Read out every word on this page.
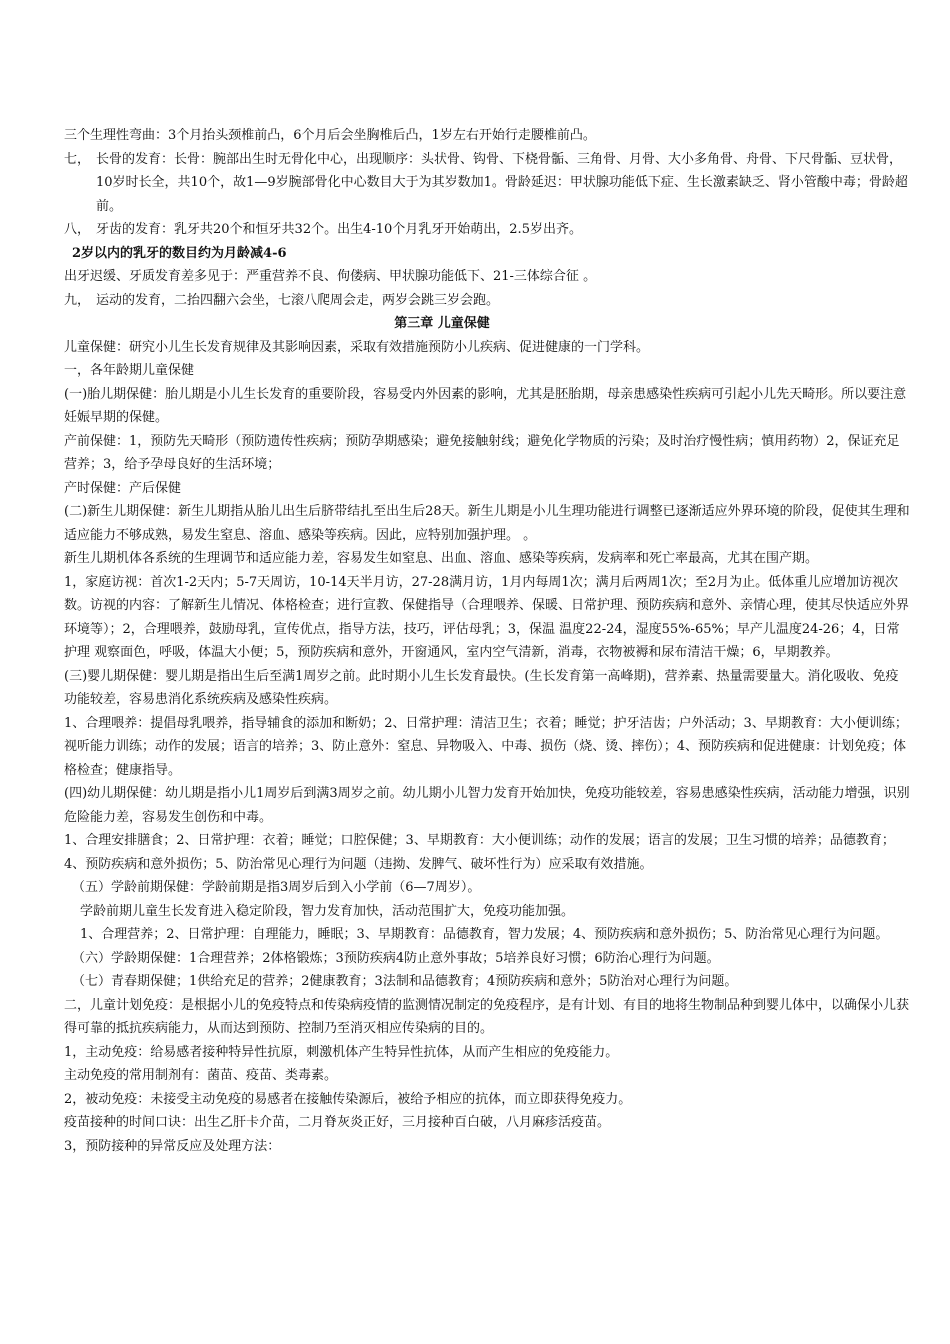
三个生理性弯曲：3个月抬头颈椎前凸，6个月后会坐胸椎后凸，1岁左右开始行走腰椎前凸。

七， 长骨的发育：长骨：腕部出生时无骨化中心，出现顺序：头状骨、钩骨、下桡骨骺、三角骨、月骨、大小多角骨、舟骨、下尺骨骺、豆状骨，10岁时长全，共10个，故1—9岁腕部骨化中心数目大于为其岁数加1。骨龄延迟：甲状腺功能低下症、生长激素缺乏、肾小管酸中毒；骨龄超前。

八， 牙齿的发育：乳牙共20个和恒牙共32个。出生4-10个月乳牙开始萌出，2.5岁出齐。

2岁以内的乳牙的数目约为月龄减4-6

出牙迟缓、牙质发育差多见于：严重营养不良、佝偻病、甲状腺功能低下、21-三体综合征 。

九， 运动的发育，二抬四翻六会坐，七滚八爬周会走，两岁会跳三岁会跑。

第三章 儿童保健

儿童保健：研究小儿生长发育规律及其影响因素，采取有效措施预防小儿疾病、促进健康的一门学科。

一，各年龄期儿童保健

(一)胎儿期保健：胎儿期是小儿生长发育的重要阶段，容易受内外因素的影响，尤其是胚胎期，母亲患感染性疾病可引起小儿先天畸形。所以要注意妊娠早期的保健。

产前保健：1，预防先天畸形（预防遗传性疾病；预防孕期感染；避免接触射线；避免化学物质的污染；及时治疗慢性病；慎用药物）2，保证充足营养；3，给予孕母良好的生活环境；

产时保健：产后保健

(二)新生儿期保健：新生儿期指从胎儿出生后脐带结扎至出生后28天。新生儿期是小儿生理功能进行调整已逐渐适应外界环境的阶段，促使其生理和适应能力不够成熟，易发生窒息、溶血、感染等疾病。因此，应特别加强护理。 。

新生儿期机体各系统的生理调节和适应能力差，容易发生如窒息、出血、溶血、感染等疾病，发病率和死亡率最高，尤其在围产期。

1，家庭访视：首次1-2天内；5-7天周访，10-14天半月访，27-28满月访，1月内每周1次；满月后两周1次；至2月为止。低体重儿应增加访视次数。访视的内容：了解新生儿情况、体格检查；进行宣教、保健指导（合理喂养、保暖、日常护理、预防疾病和意外、亲情心理，使其尽快适应外界环境等）；2，合理喂养，鼓励母乳，宣传优点，指导方法，技巧，评估母乳；3，保温 温度22-24，湿度55%-65%；早产儿温度24-26；4，日常护理 观察面色，呼吸，体温大小便；5，预防疾病和意外，开窗通风，室内空气清新，消毒，衣物被褥和尿布清洁干燥；6，早期教养。

(三)婴儿期保健：婴儿期是指出生后至满1周岁之前。此时期小儿生长发育最快。(生长发育第一高峰期)，营养素、热量需要量大。消化吸收、免疫功能较差，容易患消化系统疾病及感染性疾病。

1、合理喂养：提倡母乳喂养，指导辅食的添加和断奶；2、日常护理：清洁卫生；衣着；睡觉；护牙洁齿；户外活动；3、早期教育：大小便训练；视听能力训练；动作的发展；语言的培养；3、防止意外：窒息、异物吸入、中毒、损伤（烧、烫、摔伤）；4、预防疾病和促进健康：计划免疫；体格检查；健康指导。

(四)幼儿期保健：幼儿期是指小儿1周岁后到满3周岁之前。幼儿期小儿智力发育开始加快，免疫功能较差，容易患感染性疾病，活动能力增强，识别危险能力差，容易发生创伤和中毒。

1、合理安排膳食；2、日常护理：衣着；睡觉；口腔保健；3、早期教育：大小便训练；动作的发展；语言的发展；卫生习惯的培养；品德教育；4、预防疾病和意外损伤；5、防治常见心理行为问题（违拗、发脾气、破坏性行为）应采取有效措施。

（五）学龄前期保健：学龄前期是指3周岁后到入小学前（6—7周岁）。

学龄前期儿童生长发育进入稳定阶段，智力发育加快，活动范围扩大，免疫功能加强。

1、合理营养；2、日常护理：自理能力，睡眠；3、早期教育：品德教育，智力发展；4、预防疾病和意外损伤；5、防治常见心理行为问题。

（六）学龄期保健：1合理营养；2体格锻炼；3预防疾病4防止意外事故；5培养良好习惯；6防治心理行为问题。

（七）青春期保健；1供给充足的营养；2健康教育；3法制和品德教育；4预防疾病和意外；5防治对心理行为问题。

二，儿童计划免疫：是根据小儿的免疫特点和传染病疫情的监测情况制定的免疫程序，是有计划、有目的地将生物制品种到婴儿体中，以确保小儿获得可靠的抵抗疾病能力，从而达到预防、控制乃至消灭相应传染病的目的。

1，主动免疫：给易感者接种特异性抗原，刺激机体产生特异性抗体，从而产生相应的免疫能力。

主动免疫的常用制剂有：菌苗、疫苗、类毒素。

2，被动免疫：未接受主动免疫的易感者在接触传染源后，被给予相应的抗体，而立即获得免疫力。

疫苗接种的时间口诀：出生乙肝卡介苗，二月脊灰炎正好，三月接种百白破，八月麻疹活疫苗。

3，预防接种的异常反应及处理方法：
